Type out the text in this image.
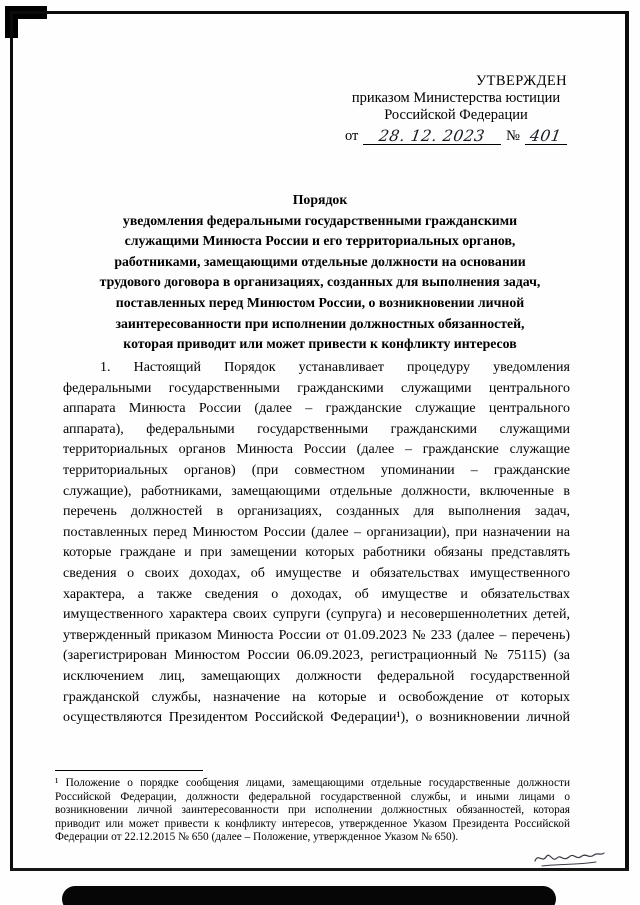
УТВЕРЖДЕН
приказом Министерства юстиции
Российской Федерации
от	28. 12. 2023	№ 401
Порядок
уведомления федеральными государственными гражданскими
служащими Минюста России и его территориальных органов,
работниками, замещающими отдельные должности на основании
трудового договора в организациях, созданных для выполнения задач,
поставленных перед Минюстом России, о возникновении личной
заинтересованности при исполнении должностных обязанностей,
которая приводит или может привести к конфликту интересов
1. Настоящий Порядок устанавливает процедуру уведомления федеральными государственными гражданскими служащими центрального аппарата Минюста России (далее – гражданские служащие центрального аппарата), федеральными государственными гражданскими служащими территориальных органов Минюста России (далее – гражданские служащие территориальных органов) (при совместном упоминании – гражданские служащие), работниками, замещающими отдельные должности, включенные в перечень должностей в организациях, созданных для выполнения задач, поставленных перед Минюстом России (далее – организации), при назначении на которые граждане и при замещении которых работники обязаны представлять сведения о своих доходах, об имуществе и обязательствах имущественного характера, а также сведения о доходах, об имуществе и обязательствах имущественного характера своих супруги (супруга) и несовершеннолетних детей, утвержденный приказом Минюста России от 01.09.2023 № 233 (далее – перечень) (зарегистрирован Минюстом России 06.09.2023, регистрационный № 75115) (за исключением лиц, замещающих должности федеральной государственной гражданской службы, назначение на которые и освобождение от которых осуществляются Президентом Российской Федерации¹), о возникновении личной
¹ Положение о порядке сообщения лицами, замещающими отдельные государственные должности Российской Федерации, должности федеральной государственной службы, и иными лицами о возникновении личной заинтересованности при исполнении должностных обязанностей, которая приводит или может привести к конфликту интересов, утвержденное Указом Президента Российской Федерации от 22.12.2015 № 650 (далее – Положение, утвержденное Указом № 650).
